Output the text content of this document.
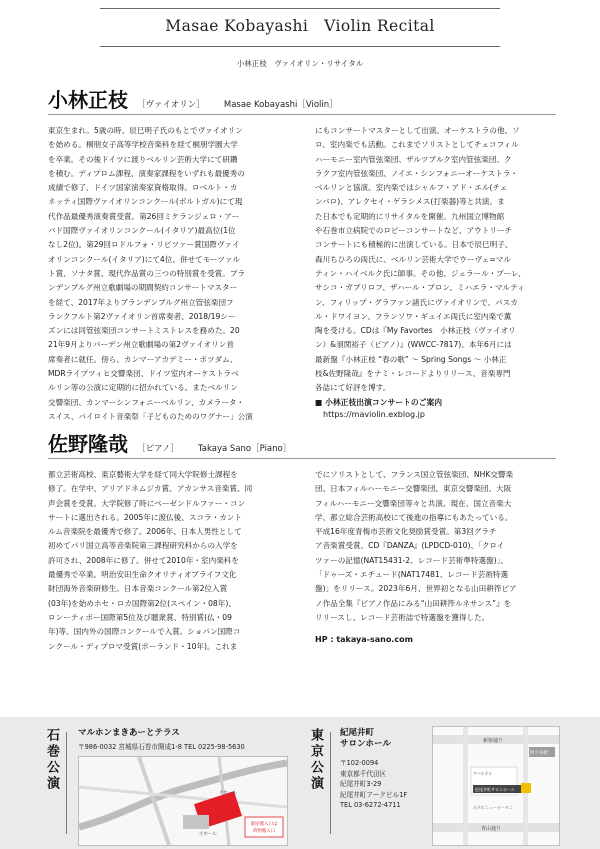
Masae Kobayashi　Violin Recital
小林正枝　ヴァイオリン・リサイタル
小林正枝 ［ヴァイオリン］ Masae Kobayashi［Violin］
東京生まれ。5歳の時、辰巳明子氏のもとでヴァイオリン
を始める。桐朋女子高等学校音楽科を経て桐朋学園大学
を卒業。その後ドイツに渡りベルリン芸術大学にて研鑽
を積む。ディプロム課程、演奏家課程をいずれも最優秀の
成績で修了、ドイツ国家演奏家資格取得。ロベルト・カ
ネッティ国際ヴァイオリンコンクール(ポルトガル)にて現
代作品最優秀演奏賞受賞。第26回ミケランジェロ・アー
バド国際ヴァイオリンコンクール(イタリア)最高位(1位
なし2位)。第29回ロドルフォ・リピツァー賞国際ヴァイ
オリンコンクール(イタリア)にて4位、併せてモーツァル
ト賞、ソナタ賞、現代作品賞の三つの特別賞を受賞。ブラ
ンデンブルグ州立歌劇場の期間契約コンサートマスター
を経て、2017年よりブランデンブルグ州立管弦楽団フ
ランクフルト第2ヴァイオリン首席奏者、2018/19シー
ズンには同管弦楽団コンサートミストレスを務めた。20
21年9月よりバーデン州立歌劇場の第2ヴァイオリン首
席奏者に就任。傍ら、カンマーアカデミー・ポツダム、
MDRライプツィヒ交響楽団、ドイツ室内オーケストラベ
ルリン等の公演に定期的に招かれている。またベルリン
交響楽団、カンマーシンフォニーベルリン、カメラータ・
スイス、バイロイト音楽祭「子どものためのワグナー」公演
にもコンサートマスターとして出演。オーケストラの他、ソ
ロ、室内楽でも活動。これまでソリストとしてチェコフィル
ハーモニー室内管弦楽団、ザルツブルク室内管弦楽団、ク
ラクフ室内管弦楽団、ノイエ・シンフォニーオーケストラ・
ベルリンと協演。室内楽ではシャルフ・アド・エル(チェ
ンバロ)、アレクセイ・ゲラシメス(打楽器)等と共演。ま
た日本でも定期的にリサイタルを開催。九州国立博物館
や石巻市立病院でのロビーコンサートなど、アウトリーチ
コンサートにも積極的に出演している。日本で辰巳明子、
森川ちひろの両氏に、ベルリン芸術大学でウーヴェ=マル
ティン・ハイベルク氏に師事。その他、ジェラール・プーレ、
サシコ・ガブリロフ、ザハール・ブロン、ミハエラ・マルティ
ン、フィリップ・グラファン諸氏にヴァイオリンで、パスカ
ル・ドワイヨン、フランソワ・ギュイエ両氏に室内楽で薫
陶を受ける。CDは『My Favortes　小林正枝（ヴァイオリ
ン）&須関裕子（ピアノ）』(WWCC-7817)、本年6月には
最新盤『小林正枝 “春の歌” ～ Spring Songs ～ 小林正
枝&佐野隆哉』をナミ・レコードよりリリース、音楽専門
各誌にて好評を博す。
■ 小林正枝出演コンサートのご案内
https://maviolin.exblog.jp
佐野隆哉 ［ピアノ］ Takaya Sano［Piano］
都立芸術高校、東京藝術大学を経て同大学院修士課程を
修了。在学中、アリアドネムジカ賞、アカンサス音楽賞、同
声会賞を受賞。大学院修了時にペーゼンドルファー・コン
サートに選出される。2005年に渡仏後、スコラ・カント
ルム音楽院を最優秀で修了。2006年、日本人男性として
初めてパリ国立高等音楽院第三課程研究科からの入学を
許可され、2008年に修了。併せて2010年・室内楽科を
最優秀で卒業。明治安田生命クオリティオブライフ文化
財団海外音楽研修生。日本音楽コンクール第2位入賞
(03年)を始めホセ・ロカ国際第2位(スペイン・08年)、
ロンーティボー国際第5位及び聴衆賞、特別賞(仏・09
年)等、国内外の国際コンクールで入賞。ショパン国際コ
ンクール・ディプロマ受賞(ポーランド・10年)。これま
でにソリストとして、フランス国立管弦楽団、NHK交響楽
団、日本フィルハーモニー交響楽団、東京交響楽団、大阪
フィルハーモニー交響楽団等々と共演。現在、国立音楽大
学、都立総合芸術高校にて後進の指導にもあたっている。
平成16年度青梅市芸術文化奨励賞受賞。第3回グラチ
ア音楽賞受賞。CD『DANZA』(LPDCD-010)、「クロイ
ツァーの記憶(NAT15431-2、レコード芸術準特選盤)」、
「ドゥーズ・エチュード(NAT17481、レコード芸術特選
盤)」をリリース。2023年6月、世界初となる山田耕筰ピア
ノ作品全集『ピアノ作品にみる“山田耕筰ルネサンス”』を
リリースし、レコード芸術誌で特選盤を獲得した。
HP : takaya-sano.com
石巻公演 マルホンまきあーとテラス
〒986-0032 宮城県石巻市開成1-8 TEL 0225-98-5630
楽屋搬入口は
荷物搬入口
小ホール
大ホール
東京公演 紀尾井町
サロンホール
〒102-0094
東京都千代田区
紀尾井町3-29
紀尾井町アークビル1F
TEL 03-6272-4711
新宿通り
青山通り
四ツ谷駅
紀尾井町サロンホール
アパホテル
ホテルニューオータニ
